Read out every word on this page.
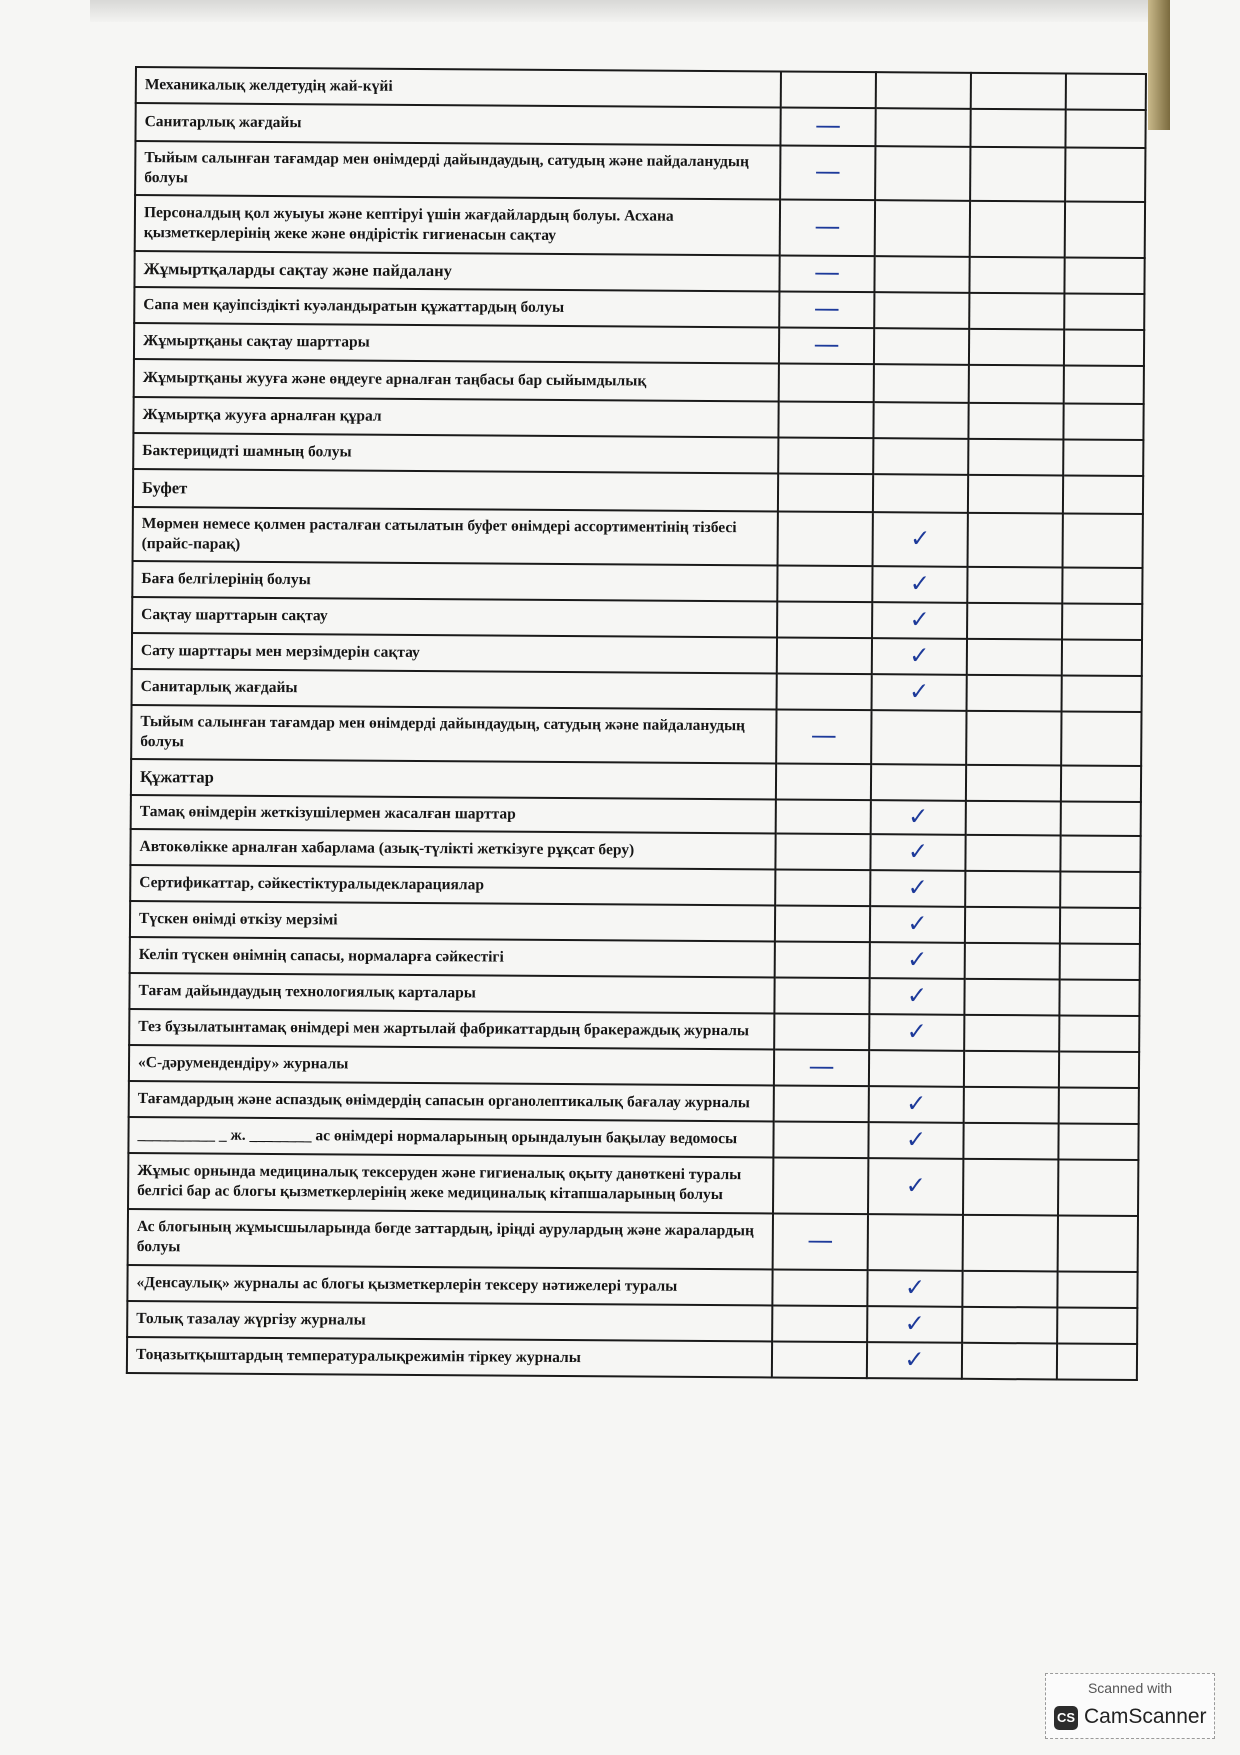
Механикалық желдетудің жай-күйі				
Санитарлық жағдайы	—			
Тыйым салынған тағамдар мен өнімдерді дайындаудың, сатудың және пайдаланудың болуы	—			
Персоналдың қол жуыуы және кептіруі үшін жағдайлардың болуы. Асхана қызметкерлерінің жеке және өндірістік гигиенасын сақтау	—			
Жұмыртқаларды сақтау және пайдалану	—			
Сапа мен қауіпсіздікті куәландыратын құжаттардың болуы	—			
Жұмыртқаны сақтау шарттары	—			
Жұмыртқаны жууға және өңдеуге арналған таңбасы бар сыйымдылық				
Жұмыртқа жууға арналған құрал				
Бактерицидті шамның болуы				
Буфет				
Мөрмен немесе қолмен расталған сатылатын буфет өнімдері ассортиментінің тізбесі (прайс-парақ)		✓		
Баға белгілерінің болуы		✓		
Сақтау шарттарын сақтау		✓		
Сату шарттары мен мерзімдерін сақтау		✓		
Санитарлық жағдайы		✓		
Тыйым салынған тағамдар мен өнімдерді дайындаудың, сатудың және пайдаланудың болуы	—			
Құжаттар				
Тамақ өнімдерін жеткізушілермен жасалған шарттар		✓		
Автокөлікке арналған хабарлама (азық-түлікті жеткізуге рұқсат беру)		✓		
Сертификаттар, сәйкестіктуралыдекларациялар		✓		
Түскен өнімді өткізу мерзімі		✓		
Келіп түскен өнімнің сапасы, нормаларға сәйкестігі		✓		
Тағам дайындаудың технологиялық карталары		✓		
Тез бұзылатынтамақ өнімдері мен жартылай фабрикаттардың бракераждық журналы		✓		
«С-дәрумендендіру» журналы	—			
Тағамдардың және аспаздық өнімдердің сапасын органолептикалық бағалау журналы		✓		
__________ _ ж. ________ ас өнімдері нормаларының орындалуын бақылау ведомосы		✓		
Жұмыс орнында медициналық тексеруден және гигиеналық оқыту данөткені туралы белгісі бар ас блогы қызметкерлерінің жеке медициналық кітапшаларының болуы		✓		
Ас блогының жұмысшыларында бөгде заттардың, іріңді аурулардың және жаралардың болуы	—			
«Денсаулық» журналы ас блогы қызметкерлерін тексеру нәтижелері туралы		✓		
Толық тазалау жүргізу журналы		✓		
Тоңазытқыштардың температуралықрежимін тіркеу журналы		✓		
Scanned with
CS CamScanner
